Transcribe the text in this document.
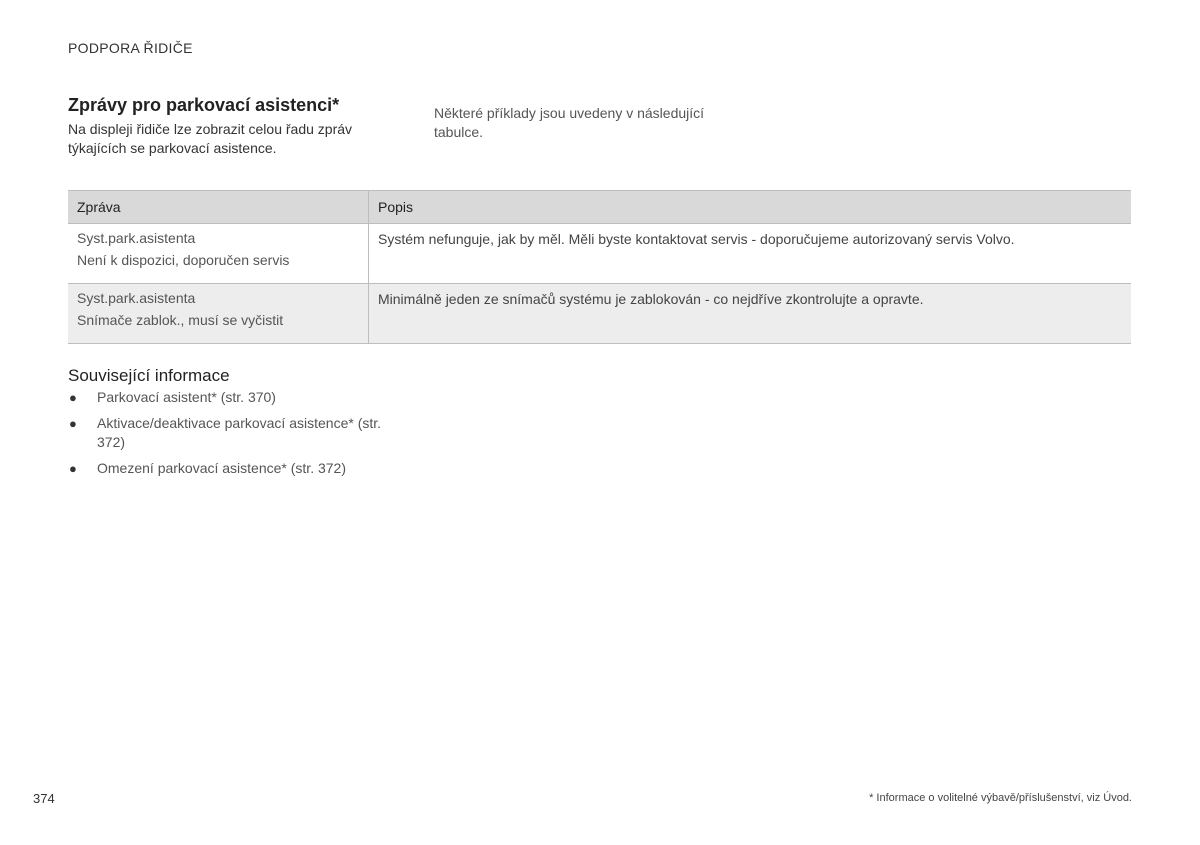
PODPORA ŘIDIČE
Zprávy pro parkovací asistenci*

Na displeji řidiče lze zobrazit celou řadu zpráv týkajících se parkovací asistence.

Některé příklady jsou uvedeny v následující tabulce.

Zpráva	Popis

Syst.park.asistenta
Není k dispozici, doporučen servis	Systém nefunguje, jak by měl. Měli byste kontaktovat servis - doporučujeme autorizovaný servis Volvo.

Syst.park.asistenta
Snímače zablok., musí se vyčistit	Minimálně jeden ze snímačů systému je zablokován - co nejdříve zkontrolujte a opravte.
Související informace
● Parkovací asistent* (str. 370)
● Aktivace/deaktivace parkovací asistence* (str. 372)
● Omezení parkovací asistence* (str. 372)
374	* Informace o volitelné výbavě/příslušenství, viz Úvod.
